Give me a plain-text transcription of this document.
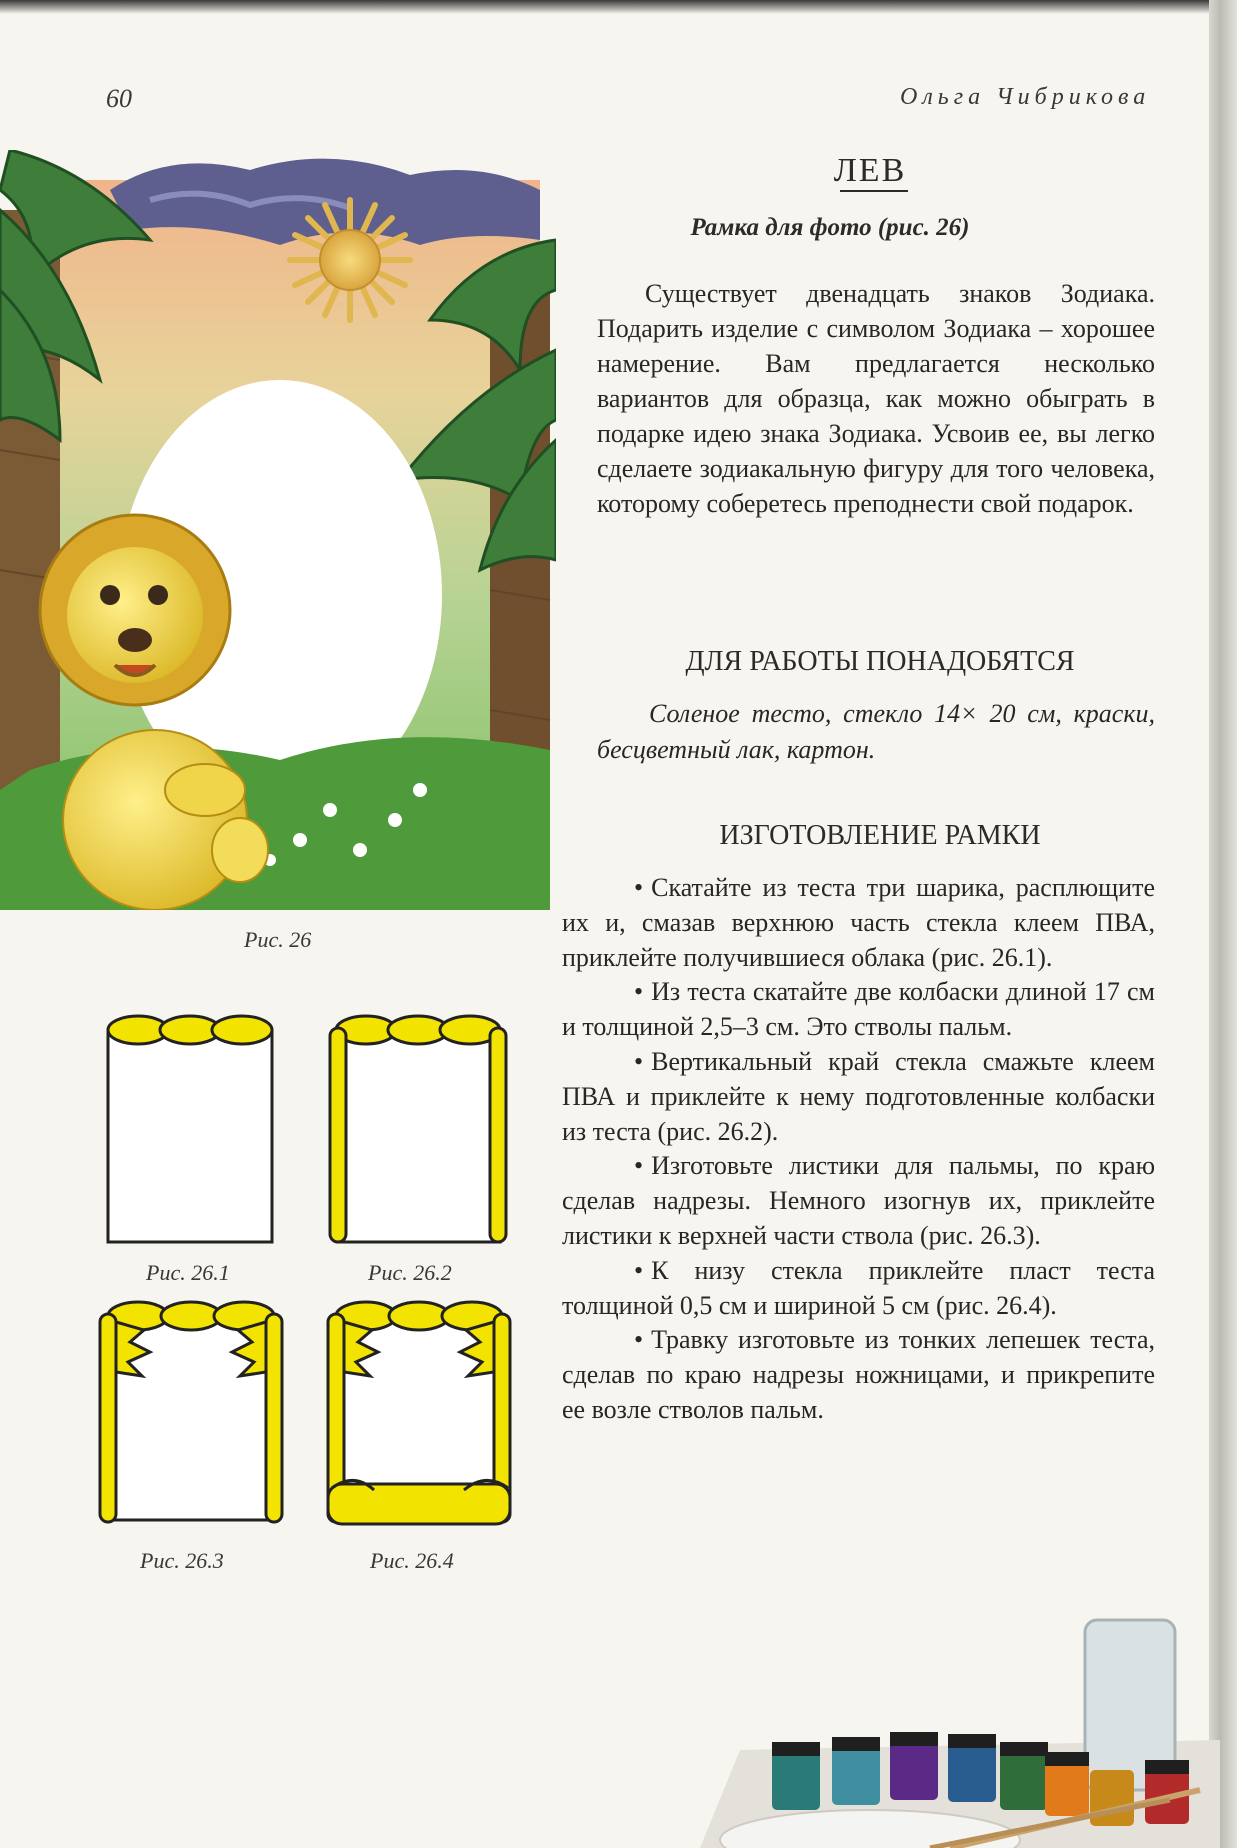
60	Ольга Чибрикова
Рис. 26
Рис. 26.1	Рис. 26.2
Рис. 26.3	Рис. 26.4
ЛЕВ
Рамка для фото (рис. 26)

Существует двенадцать знаков Зодиака. Подарить изделие с символом Зодиака – хорошее намерение. Вам предлагается несколько вариантов для образца, как можно обыграть в подарке идею знака Зодиака. Усвоив ее, вы легко сделаете зодиакальную фигуру для того человека, которому соберетесь преподнести свой подарок.

ДЛЯ РАБОТЫ ПОНАДОБЯТСЯ

Соленое тесто, стекло 14× 20 см, краски, бесцветный лак, картон.

ИЗГОТОВЛЕНИЕ РАМКИ
• Скатайте из теста три шарика, расплющите их и, смазав верхнюю часть стекла клеем ПВА, приклейте получившиеся облака (рис. 26.1).
• Из теста скатайте две колбаски длиной 17 см и толщиной 2,5–3 см. Это стволы пальм.
• Вертикальный край стекла смажьте клеем ПВА и приклейте к нему подготовленные колбаски из теста (рис. 26.2).
• Изготовьте листики для пальмы, по краю сделав надрезы. Немного изогнув их, приклейте листики к верхней части ствола (рис. 26.3).
• К низу стекла приклейте пласт теста толщиной 0,5 см и шириной 5 см (рис. 26.4).
• Травку изготовьте из тонких лепешек теста, сделав по краю надрезы ножницами, и прикрепите ее возле стволов пальм.
